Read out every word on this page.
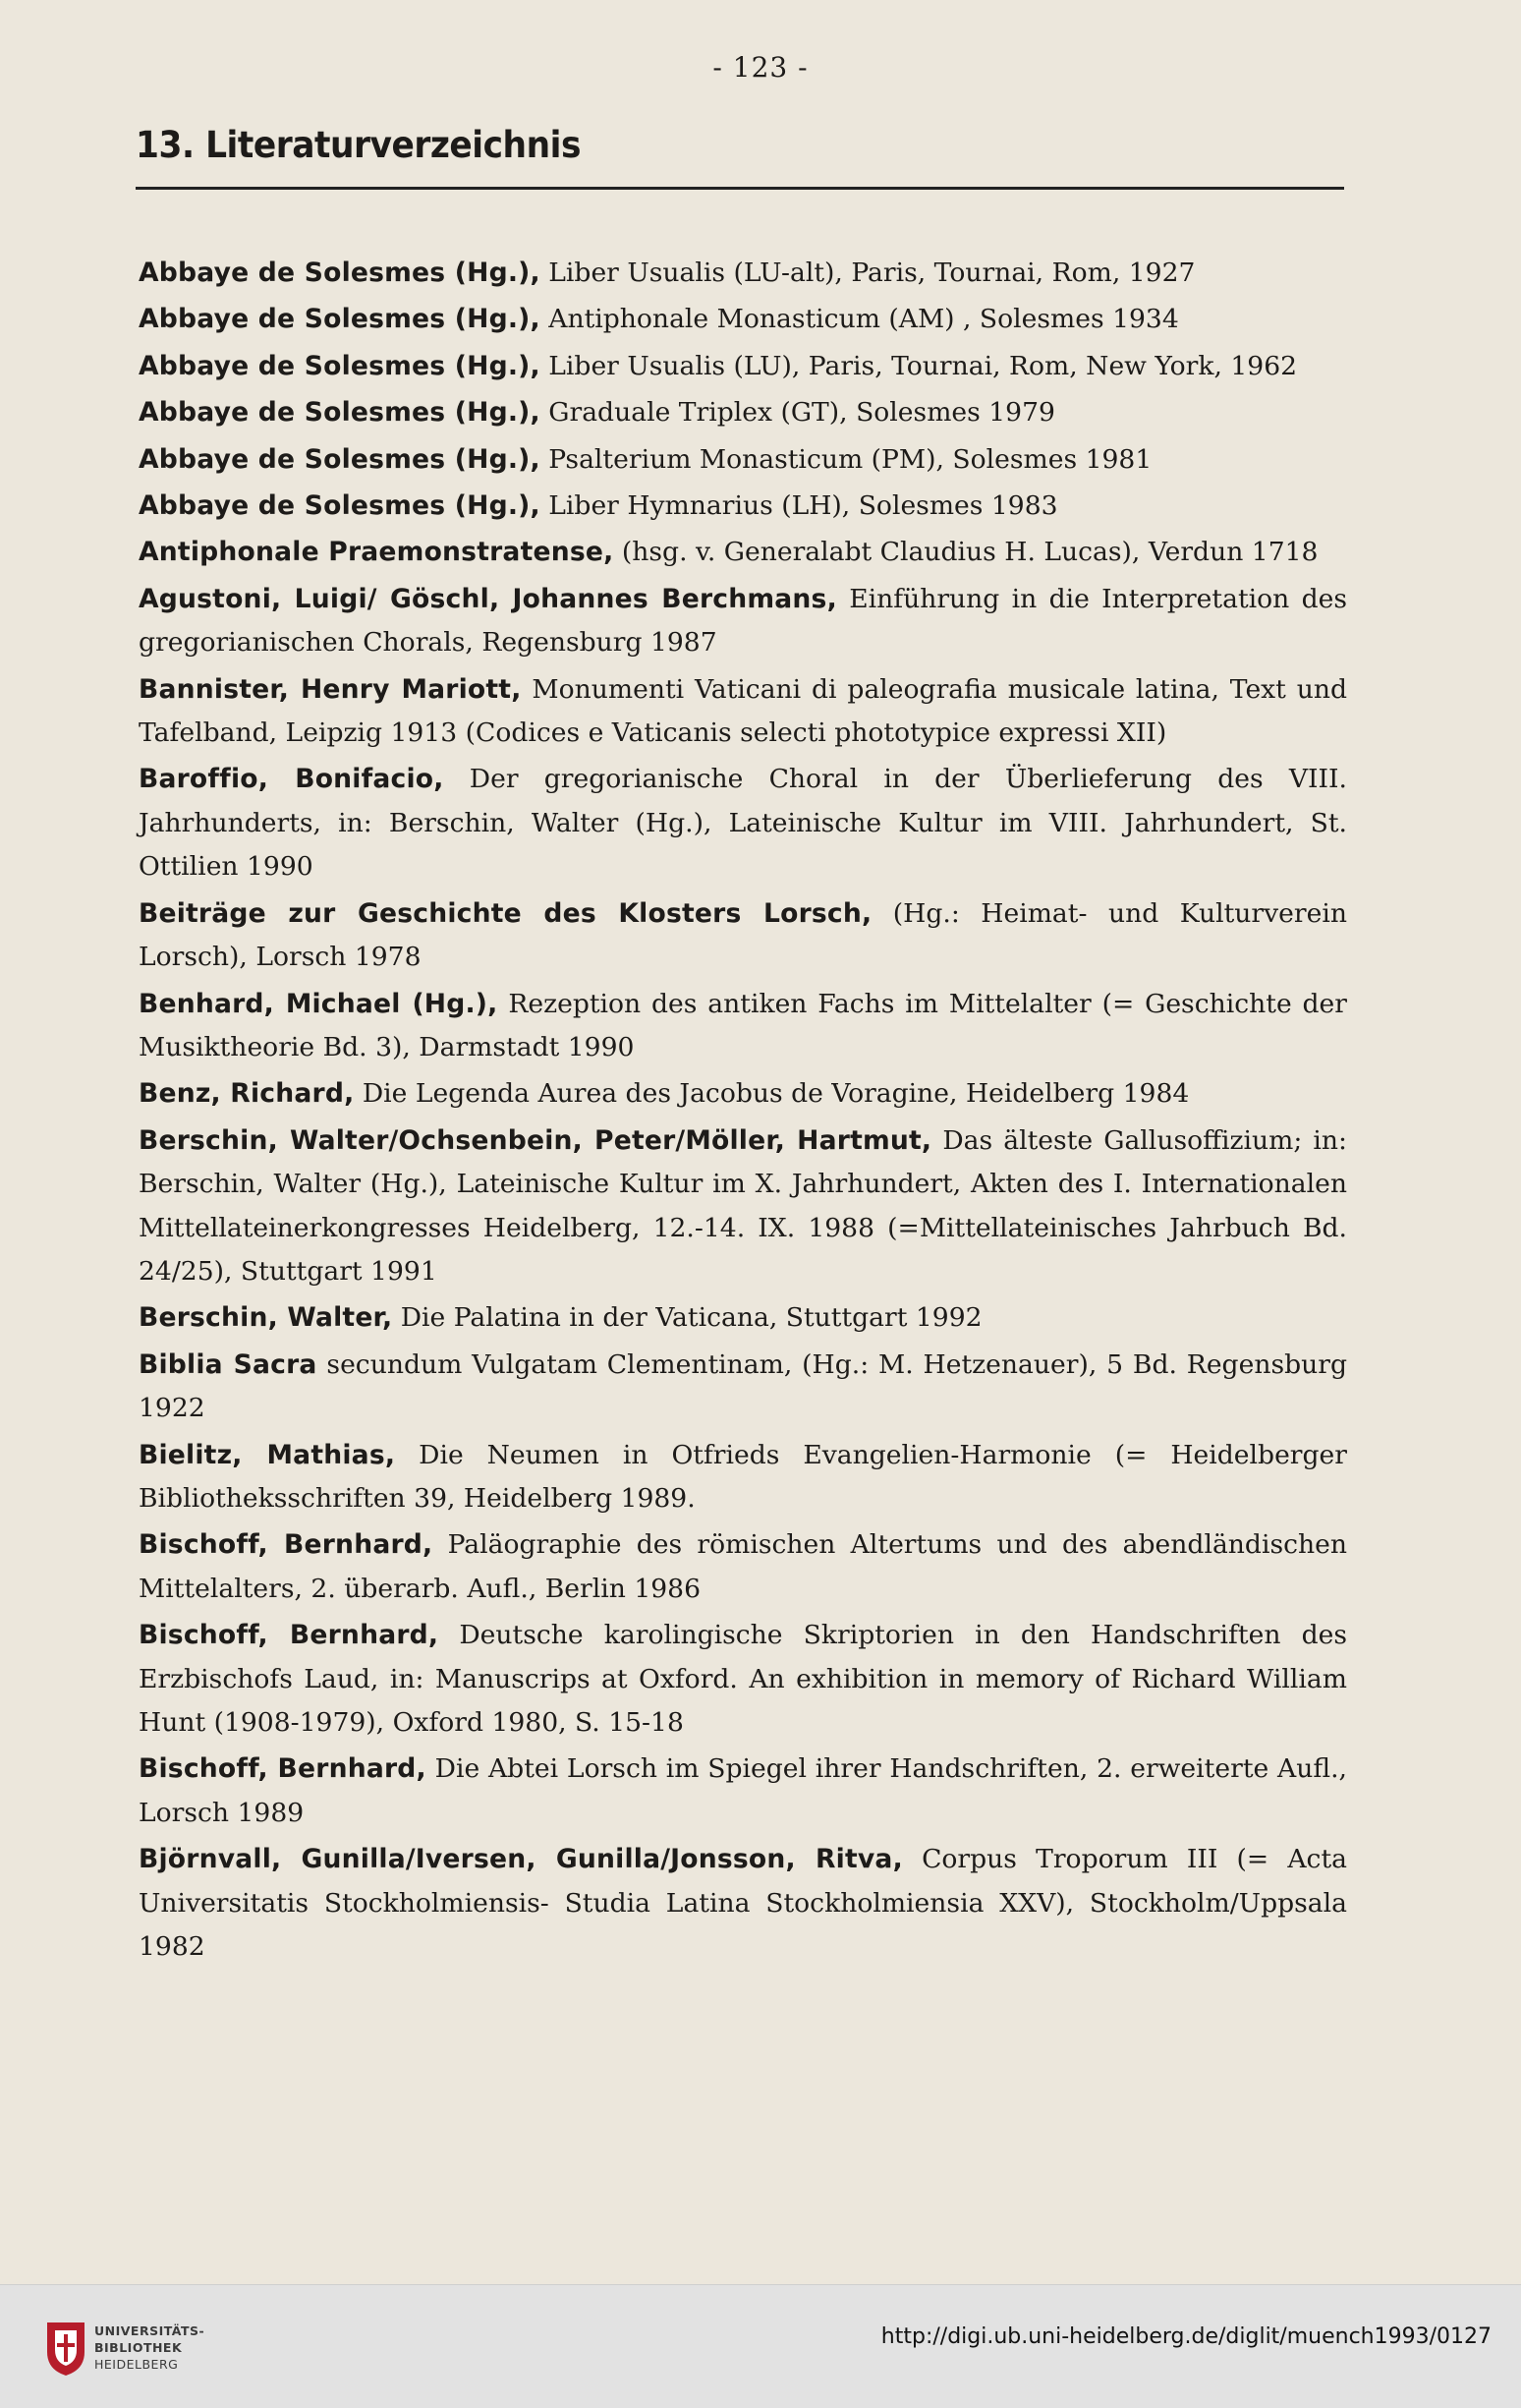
- 123 -
13. Literaturverzeichnis
Abbaye de Solesmes (Hg.), Liber Usualis (LU-alt), Paris, Tournai, Rom, 1927
Abbaye de Solesmes (Hg.), Antiphonale Monasticum (AM) , Solesmes 1934
Abbaye de Solesmes (Hg.), Liber Usualis (LU), Paris, Tournai, Rom, New York, 1962
Abbaye de Solesmes (Hg.), Graduale Triplex (GT), Solesmes 1979
Abbaye de Solesmes (Hg.), Psalterium Monasticum (PM), Solesmes 1981
Abbaye de Solesmes (Hg.), Liber Hymnarius (LH), Solesmes 1983
Antiphonale Praemonstratense, (hsg. v. Generalabt Claudius H. Lucas), Verdun 1718
Agustoni, Luigi/ Göschl, Johannes Berchmans, Einführung in die Interpretation des gregorianischen Chorals, Regensburg 1987
Bannister, Henry Mariott, Monumenti Vaticani di paleografia musicale latina, Text und Tafelband, Leipzig 1913 (Codices e Vaticanis selecti phototypice expressi XII)
Baroffio, Bonifacio, Der gregorianische Choral in der Überlieferung des VIII. Jahrhunderts, in: Berschin, Walter (Hg.), Lateinische Kultur im VIII. Jahrhundert, St. Ottilien 1990
Beiträge zur Geschichte des Klosters Lorsch, (Hg.: Heimat- und Kulturverein Lorsch), Lorsch 1978
Benhard, Michael (Hg.), Rezeption des antiken Fachs im Mittelalter (= Geschichte der Musiktheorie Bd. 3), Darmstadt 1990
Benz, Richard, Die Legenda Aurea des Jacobus de Voragine, Heidelberg 1984
Berschin, Walter/Ochsenbein, Peter/Möller, Hartmut, Das älteste Gallusoffizium; in: Berschin, Walter (Hg.), Lateinische Kultur im X. Jahrhundert, Akten des I. Internationalen Mittellateinerkongresses Heidelberg, 12.-14. IX. 1988 (=Mittellateinisches Jahrbuch Bd. 24/25), Stuttgart 1991
Berschin, Walter, Die Palatina in der Vaticana, Stuttgart 1992
Biblia Sacra secundum Vulgatam Clementinam, (Hg.: M. Hetzenauer), 5 Bd. Regensburg 1922
Bielitz, Mathias, Die Neumen in Otfrieds Evangelien-Harmonie (= Heidelberger Bibliotheksschriften 39, Heidelberg 1989.
Bischoff, Bernhard, Paläographie des römischen Altertums und des abendländischen Mittelalters, 2. überarb. Aufl., Berlin 1986
Bischoff, Bernhard, Deutsche karolingische Skriptorien in den Handschriften des Erzbischofs Laud, in: Manuscrips at Oxford. An exhibition in memory of Richard William Hunt (1908-1979), Oxford 1980, S. 15-18
Bischoff, Bernhard, Die Abtei Lorsch im Spiegel ihrer Handschriften, 2. erweiterte Aufl., Lorsch 1989
Björnvall, Gunilla/Iversen, Gunilla/Jonsson, Ritva, Corpus Troporum III (= Acta Universitatis Stockholmiensis- Studia Latina Stockholmiensia XXV), Stockholm/Uppsala 1982
UNIVERSITÄTS-
BIBLIOTHEK
HEIDELBERG
http://digi.ub.uni-heidelberg.de/diglit/muench1993/0127
